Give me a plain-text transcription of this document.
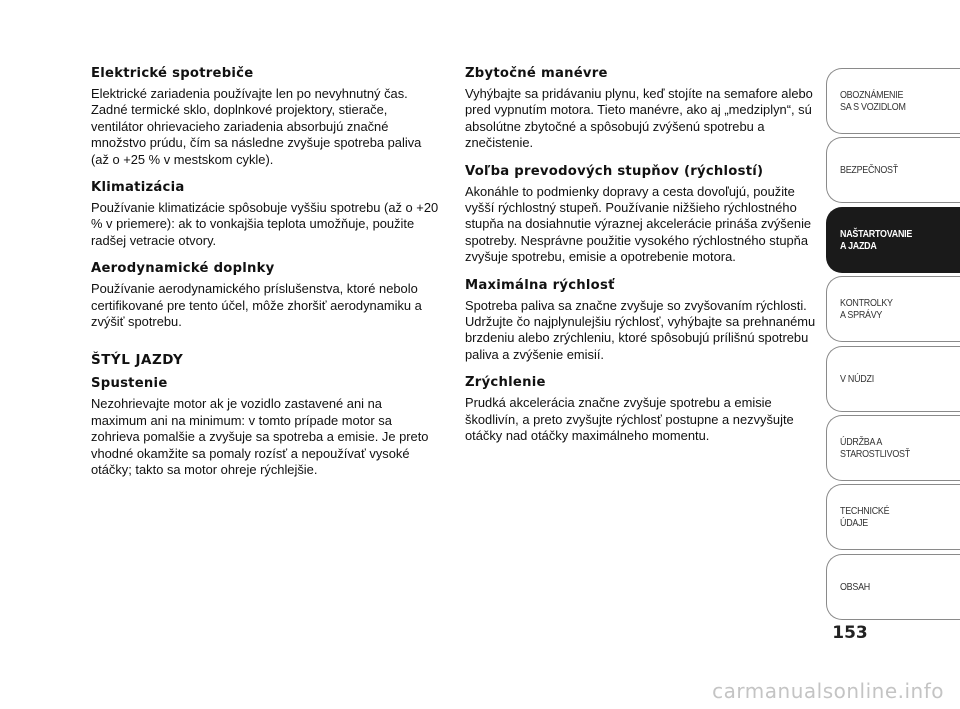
Elektrické spotrebiče

Elektrické zariadenia používajte len po nevyhnutný čas. Zadné termické sklo, doplnkové projektory, stierače, ventilátor ohrievacieho zariadenia absorbujú značné množstvo prúdu, čím sa následne zvyšuje spotreba paliva (až o +25 % v mestskom cykle).

Klimatizácia

Používanie klimatizácie spôsobuje vyššiu spotrebu (až o +20 % v priemere): ak to vonkajšia teplota umožňuje, použite radšej vetracie otvory.

Aerodynamické doplnky

Používanie aerodynamického príslušenstva, ktoré nebolo certifikované pre tento účel, môže zhoršiť aerodynamiku a zvýšiť spotrebu.

ŠTÝL JAZDY
Spustenie

Nezohrievajte motor ak je vozidlo zastavené ani na maximum ani na minimum: v tomto prípade motor sa zohrieva pomalšie a zvyšuje sa spotreba a emisie. Je preto vhodné okamžite sa pomaly rozísť a nepoužívať vysoké otáčky; takto sa motor ohreje rýchlejšie.

Zbytočné manévre

Vyhýbajte sa pridávaniu plynu, keď stojíte na semafore alebo pred vypnutím motora. Tieto manévre, ako aj „medziplyn“, sú absolútne zbytočné a spôsobujú zvýšenú spotrebu a znečistenie.

Voľba prevodových stupňov (rýchlostí)

Akonáhle to podmienky dopravy a cesta dovoľujú, použite vyšší rýchlostný stupeň. Používanie nižšieho rýchlostného stupňa na dosiahnutie výraznej akcelerácie prináša zvýšenie spotreby. Nesprávne použitie vysokého rýchlostného stupňa zvyšuje spotrebu, emisie a opotrebenie motora.

Maximálna rýchlosť

Spotreba paliva sa značne zvyšuje so zvyšovaním rýchlosti. Udržujte čo najplynulejšiu rýchlosť, vyhýbajte sa prehnanému brzdeniu alebo zrýchleniu, ktoré spôsobujú prílišnú spotrebu paliva a zvýšenie emisií.

Zrýchlenie

Prudká akcelerácia značne zvyšuje spotrebu a emisie škodlivín, a preto zvyšujte rýchlosť postupne a nezvyšujte otáčky nad otáčky maximálneho momentu.

OBOZNÁMENIE
SA S VOZIDLOM
BEZPEČNOSŤ
NAŠTARTOVANIE
A JAZDA
KONTROLKY
A SPRÁVY
V NÚDZI
ÚDRŽBA A
STAROSTLIVOSŤ
TECHNICKÉ
ÚDAJE
OBSAH
153
carmanualsonline.info
